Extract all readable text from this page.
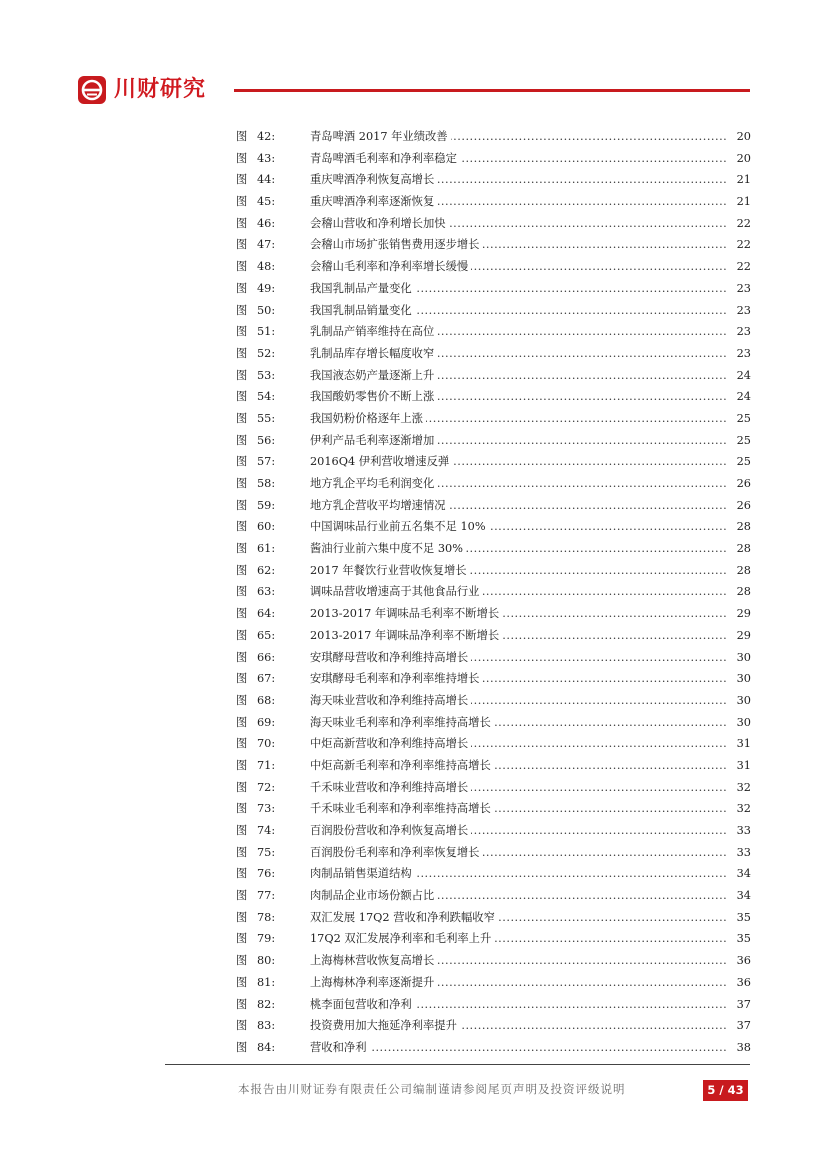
川财研究
图 42:	青岛啤酒 2017 年业绩改善 .....	20
图 43:	青岛啤酒毛利率和净利率稳定 .....	20
图 44:	重庆啤酒净利恢复高增长 .....	21
图 45:	重庆啤酒净利率逐渐恢复 .....	21
图 46:	会稽山营收和净利增长加快 .....	22
图 47:	会稽山市场扩张销售费用逐步增长 .....	22
图 48:	会稽山毛利率和净利率增长缓慢 .....	22
图 49:	我国乳制品产量变化 .....	23
图 50:	我国乳制品销量变化 .....	23
图 51:	乳制品产销率维持在高位 .....	23
图 52:	乳制品库存增长幅度收窄 .....	23
图 53:	我国液态奶产量逐渐上升 .....	24
图 54:	我国酸奶零售价不断上涨 .....	24
图 55:	我国奶粉价格逐年上涨 .....	25
图 56:	伊利产品毛利率逐渐增加 .....	25
图 57:	2016Q4 伊利营收增速反弹 .....	25
图 58:	地方乳企平均毛利润变化 .....	26
图 59:	地方乳企营收平均增速情况 .....	26
图 60:	中国调味品行业前五名集不足 10% .....	28
图 61:	酱油行业前六集中度不足 30% .....	28
图 62:	2017 年餐饮行业营收恢复增长 .....	28
图 63:	调味品营收增速高于其他食品行业 .....	28
图 64:	2013-2017 年调味品毛利率不断增长 .....	29
图 65:	2013-2017 年调味品净利率不断增长 .....	29
图 66:	安琪酵母营收和净利维持高增长 .....	30
图 67:	安琪酵母毛利率和净利率维持增长 .....	30
图 68:	海天味业营收和净利维持高增长 .....	30
图 69:	海天味业毛利率和净利率维持高增长 .....	30
图 70:	中炬高新营收和净利维持高增长 .....	31
图 71:	中炬高新毛利率和净利率维持高增长 .....	31
图 72:	千禾味业营收和净利维持高增长 .....	32
图 73:	千禾味业毛利率和净利率维持高增长 .....	32
图 74:	百润股份营收和净利恢复高增长 .....	33
图 75:	百润股份毛利率和净利率恢复增长 .....	33
图 76:	肉制品销售渠道结构 .....	34
图 77:	肉制品企业市场份额占比 .....	34
图 78:	双汇发展 17Q2 营收和净利跌幅收窄 .....	35
图 79:	17Q2 双汇发展净利率和毛利率上升 .....	35
图 80:	上海梅林营收恢复高增长 .....	36
图 81:	上海梅林净利率逐渐提升 .....	36
图 82:	桃李面包营收和净利 .....	37
图 83:	投资费用加大拖延净利率提升 .....	37
图 84:	营收和净利 .....	38
本报告由川财证券有限责任公司编制谨请参阅尾页声明及投资评级说明	5 / 43
